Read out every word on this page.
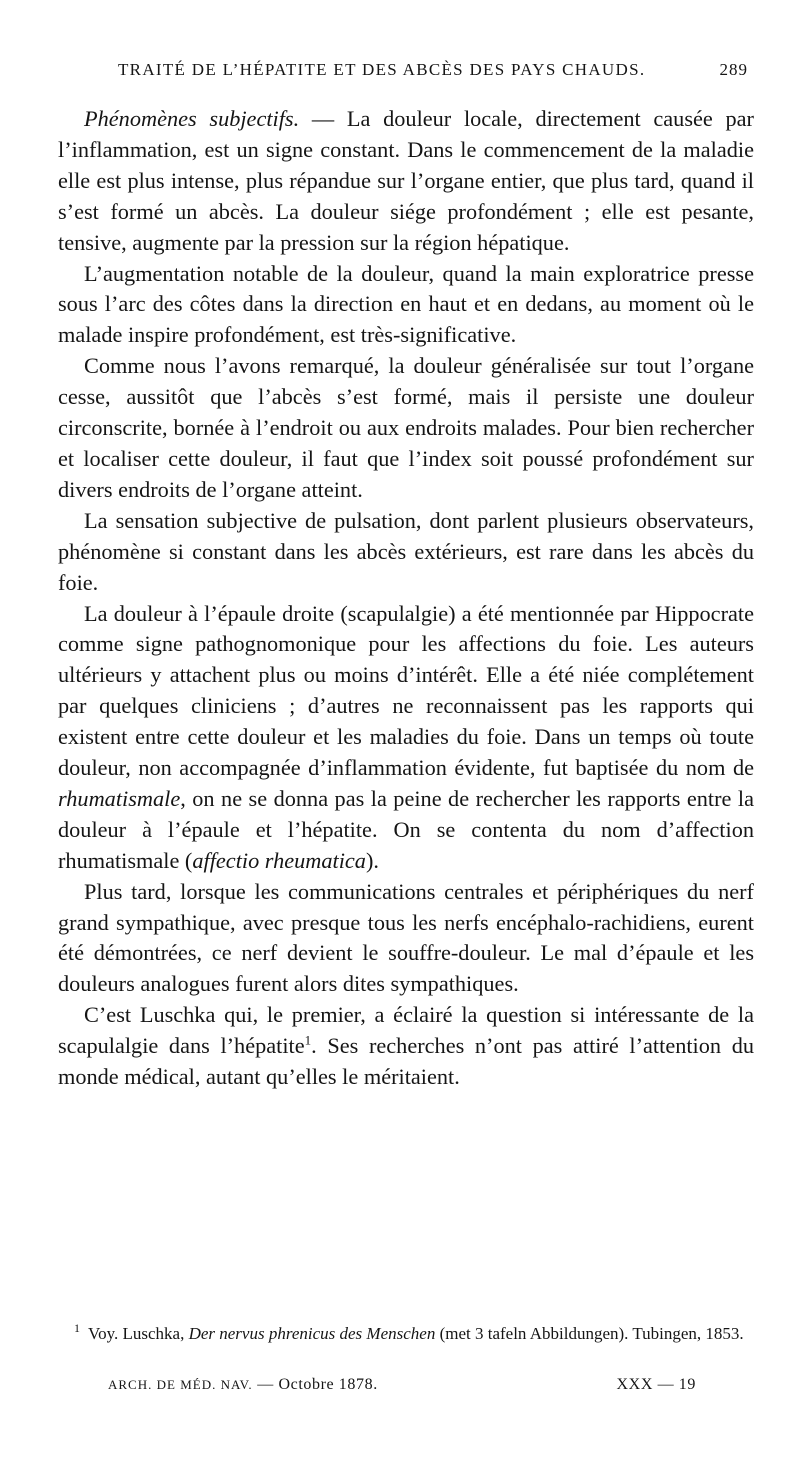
TRAITÉ DE L’HÉPATITE ET DES ABCÈS DES PAYS CHAUDS.	289

Phénomènes subjectifs. — La douleur locale, directement causée par l’inflammation, est un signe constant. Dans le commencement de la maladie elle est plus intense, plus répandue sur l’organe entier, que plus tard, quand il s’est formé un abcès. La douleur siége profondément ; elle est pesante, tensive, augmente par la pression sur la région hépatique.

L’augmentation notable de la douleur, quand la main exploratrice presse sous l’arc des côtes dans la direction en haut et en dedans, au moment où le malade inspire profondément, est très-significative.

Comme nous l’avons remarqué, la douleur généralisée sur tout l’organe cesse, aussitôt que l’abcès s’est formé, mais il persiste une douleur circonscrite, bornée à l’endroit ou aux endroits malades. Pour bien rechercher et localiser cette douleur, il faut que l’index soit poussé profondément sur divers endroits de l’organe atteint.

La sensation subjective de pulsation, dont parlent plusieurs observateurs, phénomène si constant dans les abcès extérieurs, est rare dans les abcès du foie.

La douleur à l’épaule droite (scapulalgie) a été mentionnée par Hippocrate comme signe pathognomonique pour les affections du foie. Les auteurs ultérieurs y attachent plus ou moins d’intérêt. Elle a été niée complétement par quelques cliniciens ; d’autres ne reconnaissent pas les rapports qui existent entre cette douleur et les maladies du foie. Dans un temps où toute douleur, non accompagnée d’inflammation évidente, fut baptisée du nom de rhumatismale, on ne se donna pas la peine de rechercher les rapports entre la douleur à l’épaule et l’hépatite. On se contenta du nom d’affection rhumatismale (affectio rheumatica).

Plus tard, lorsque les communications centrales et périphériques du nerf grand sympathique, avec presque tous les nerfs encéphalo-rachidiens, eurent été démontrées, ce nerf devient le souffre-douleur. Le mal d’épaule et les douleurs analogues furent alors dites sympathiques.

C’est Luschka qui, le premier, a éclairé la question si intéressante de la scapulalgie dans l’hépatite$^1$. Ses recherches n’ont pas attiré l’attention du monde médical, autant qu’elles le méritaient.

$^1$ Voy. Luschka, Der nervus phrenicus des Menschen (met 3 tafeln Abbildungen). Tubingen, 1853.

ARCH. DE MÉD. NAV. — Octobre 1878.	XXX — 19
